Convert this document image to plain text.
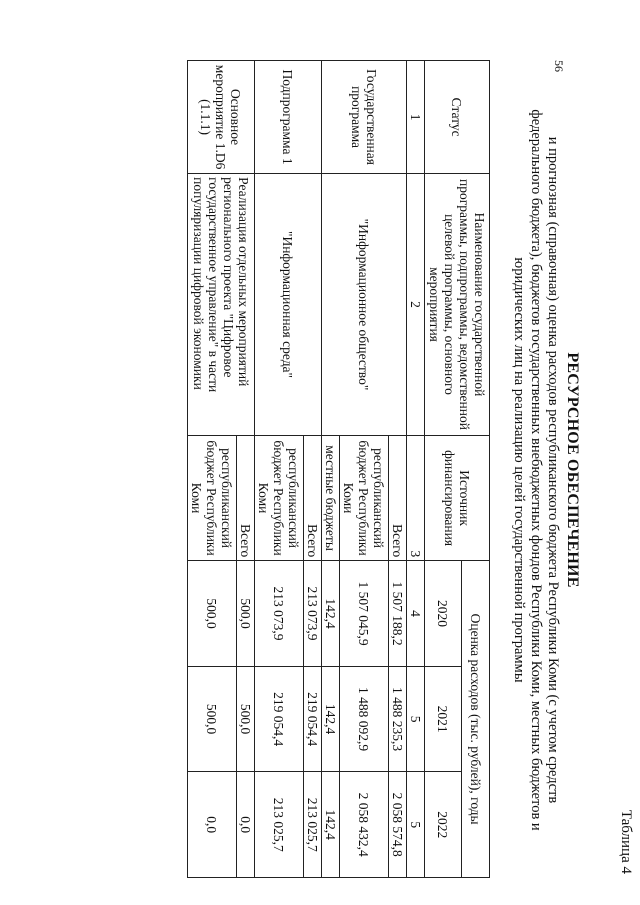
56
Таблица 4
РЕСУРСНОЕ ОБЕСПЕЧЕНИЕ
и прогнозная (справочная) оценка расходов республиканского бюджета Республики Коми (с учетом средств федерального бюджета), бюджетов государственных внебюджетных фондов Республики Коми, местных бюджетов и юридических лиц на реализацию целей государственной программы
Статус	Наименование государственной программы, подпрограммы, ведомственной целевой программы, основного мероприятия	Источник финансирования	Оценка расходов (тыс. рублей), годы		
			2020	2021	2022
1	2	3	4	5	5
Государственная программа	"Информационное общество"	Всего	1 507 188,2	1 488 235,3	2 058 574,8
		республиканский бюджет Республики Коми	1 507 045,9	1 488 092,9	2 058 432,4
		местные бюджеты	142,4	142,4	142,4
Подпрограмма 1	"Информационная среда"	Всего	213 073,9	219 054,4	213 025,7
		республиканский бюджет Республики Коми	213 073,9	219 054,4	213 025,7
Основное мероприятие 1.D6 (1.1.1)	Реализация отдельных мероприятий регионального проекта "Цифровое государственное управление" в части популяризации цифровой экономики	Всего	500,0	500,0	0,0
		республиканский бюджет Республики Коми	500,0	500,0	0,0
